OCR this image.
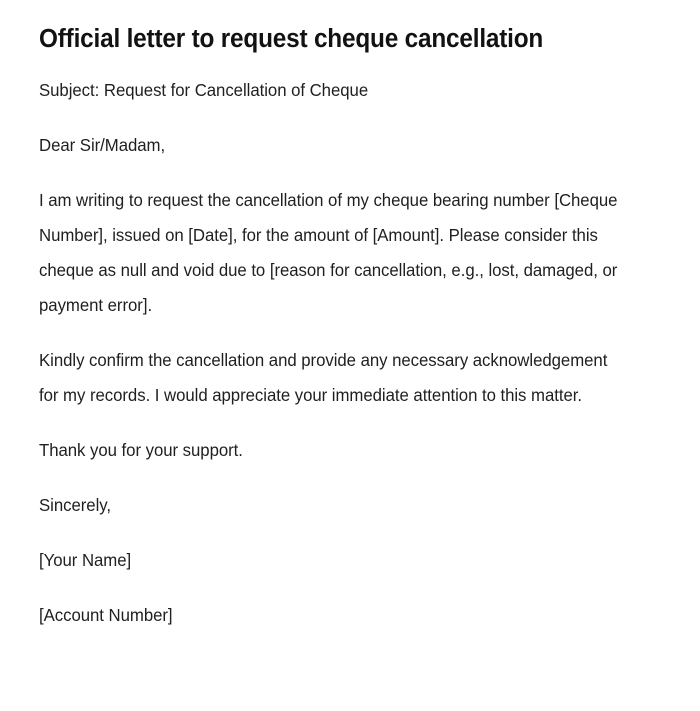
Official letter to request cheque cancellation

Subject: Request for Cancellation of Cheque

Dear Sir/Madam,

I am writing to request the cancellation of my cheque bearing number [Cheque Number], issued on [Date], for the amount of [Amount]. Please consider this cheque as null and void due to [reason for cancellation, e.g., lost, damaged, or payment error].

Kindly confirm the cancellation and provide any necessary acknowledgement for my records. I would appreciate your immediate attention to this matter.

Thank you for your support.

Sincerely,

[Your Name]

[Account Number]
